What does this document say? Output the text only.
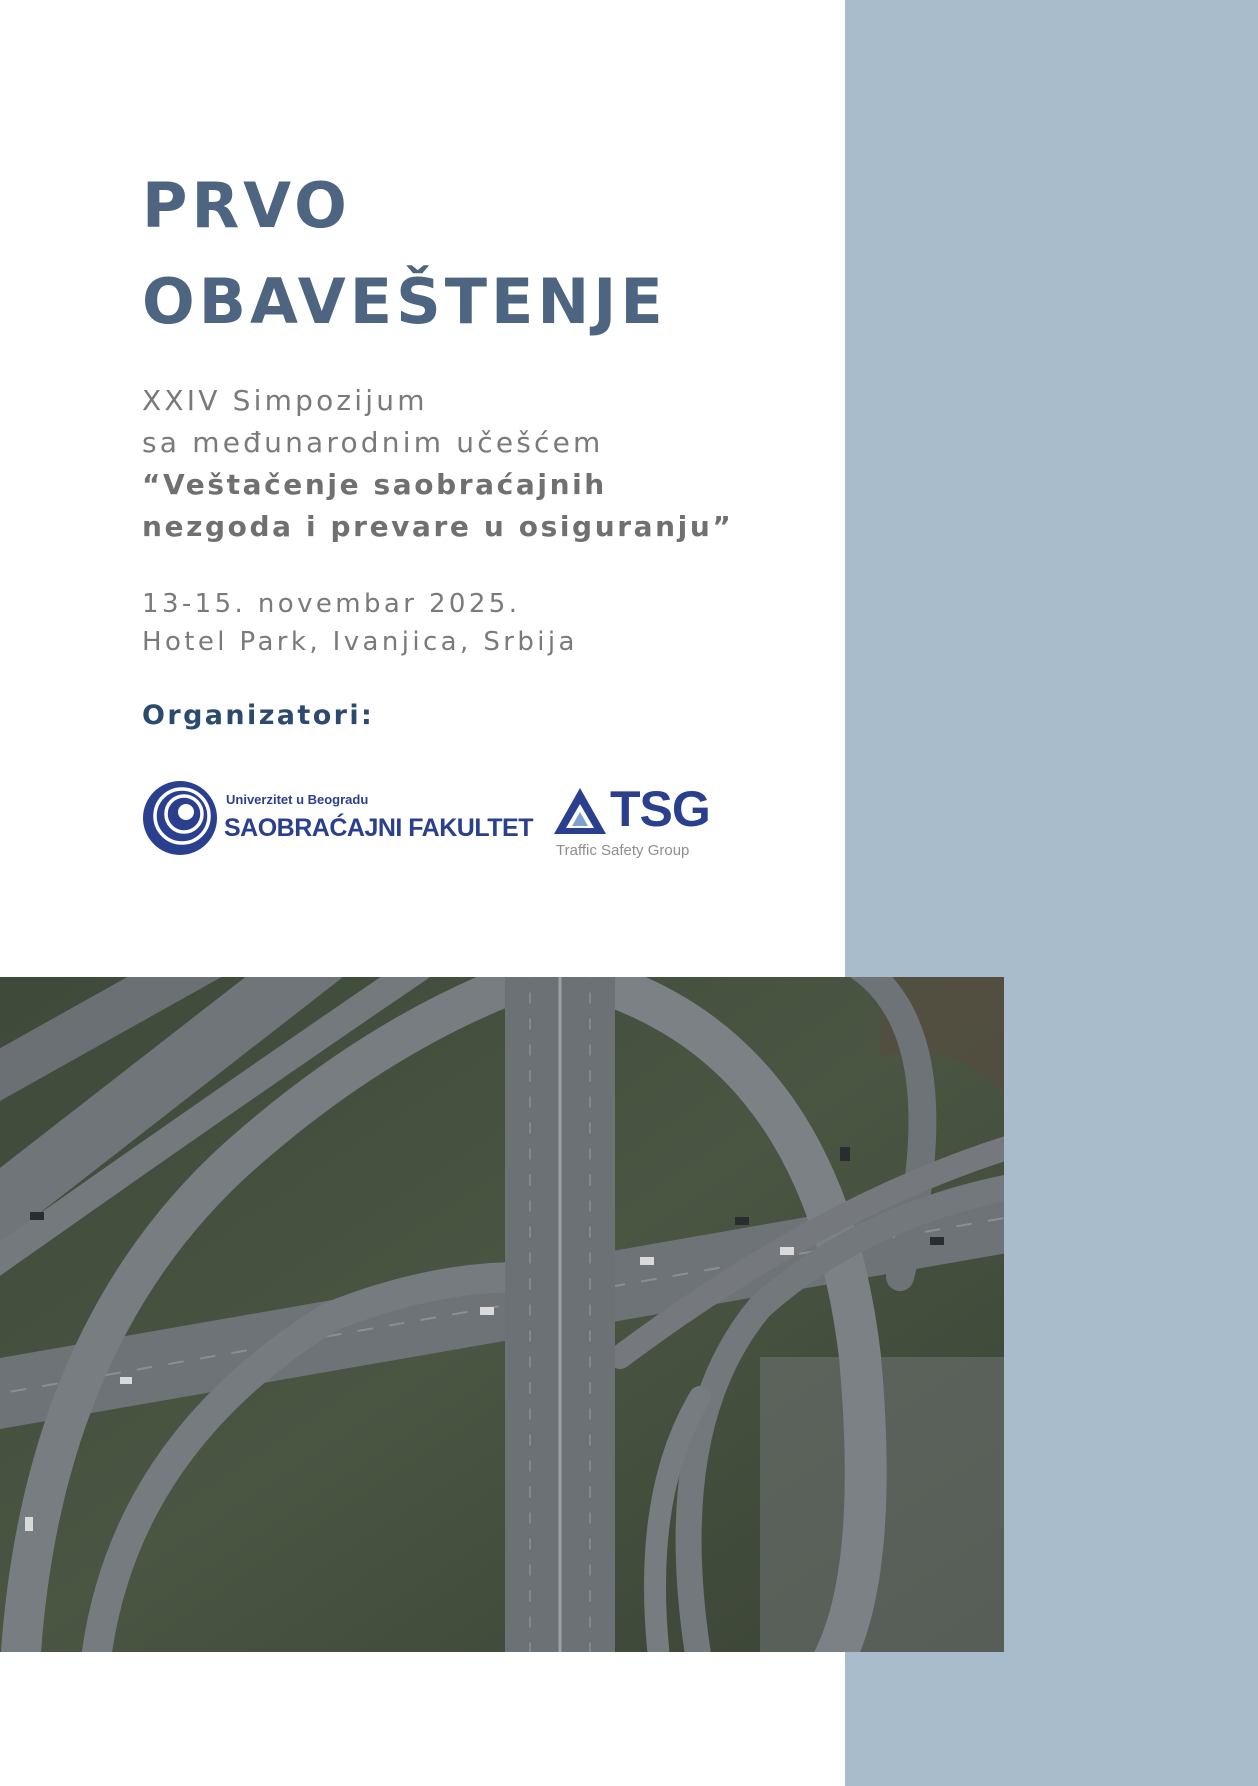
PRVO
OBAVEŠTENJE
XXIV Simpozijum
sa međunarodnim učešćem
“Veštačenje saobraćajnih
nezgoda i prevare u osiguranju”
13-15. novembar 2025.
Hotel Park, Ivanjica, Srbija
Organizatori:
Univerzitet u Beogradu
SAOBRAĆAJNI FAKULTET TSG
Traffic Safety Group
